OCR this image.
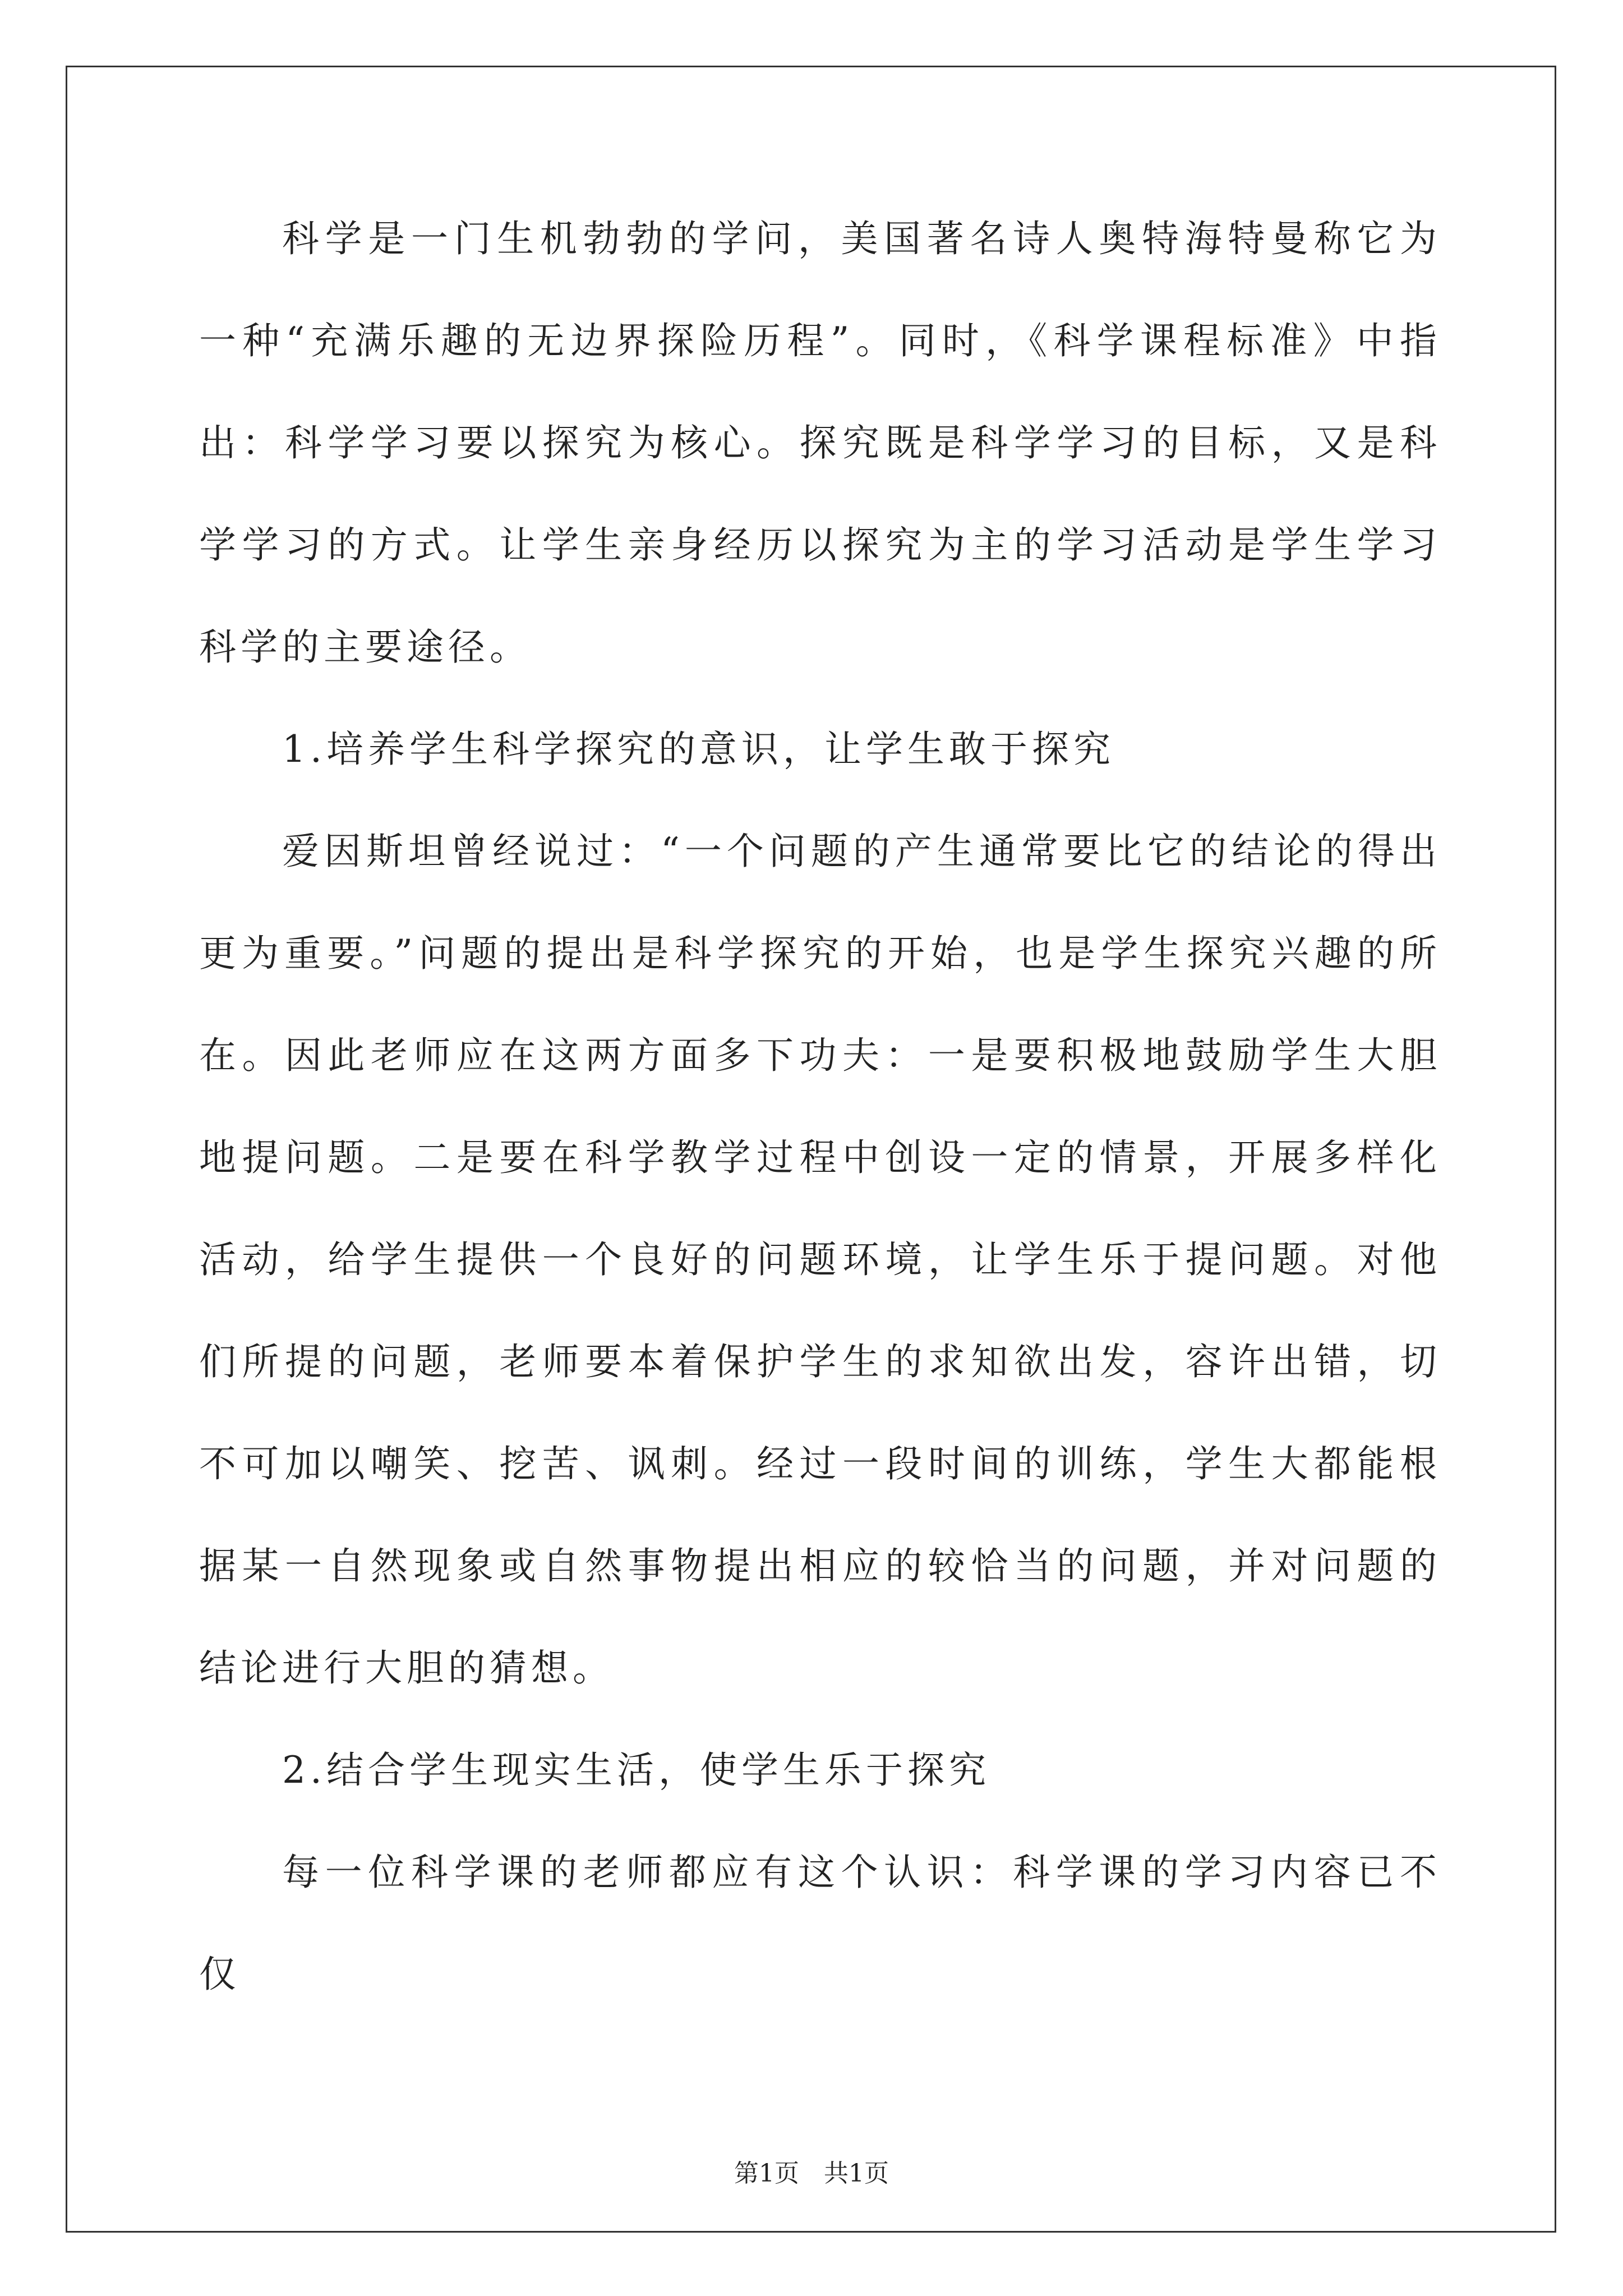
科学是一门生机勃勃的学问，美国著名诗人奥特海特曼称它为一种“充满乐趣的无边界探险历程”。同时，《科学课程标准》中指出：科学学习要以探究为核心。探究既是科学学习的目标，又是科学学习的方式。让学生亲身经历以探究为主的学习活动是学生学习科学的主要途径。

1.培养学生科学探究的意识，让学生敢于探究

爱因斯坦曾经说过：“一个问题的产生通常要比它的结论的得出更为重要。”问题的提出是科学探究的开始，也是学生探究兴趣的所在。因此老师应在这两方面多下功夫：一是要积极地鼓励学生大胆地提问题。二是要在科学教学过程中创设一定的情景，开展多样化活动，给学生提供一个良好的问题环境，让学生乐于提问题。对他们所提的问题，老师要本着保护学生的求知欲出发，容许出错，切不可加以嘲笑、挖苦、讽刺。经过一段时间的训练，学生大都能根据某一自然现象或自然事物提出相应的较恰当的问题，并对问题的结论进行大胆的猜想。

2.结合学生现实生活，使学生乐于探究

每一位科学课的老师都应有这个认识：科学课的学习内容已不仅

第1页　共1页
